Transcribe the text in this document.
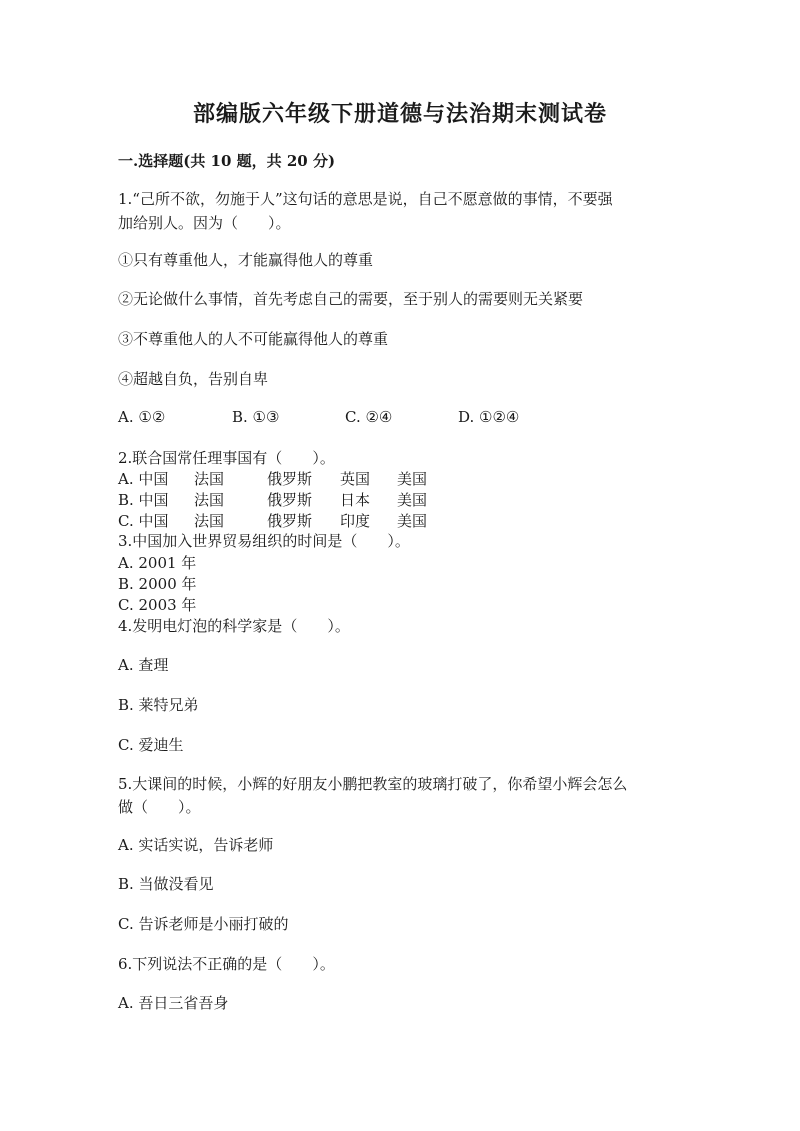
部编版六年级下册道德与法治期末测试卷
一.选择题(共 10 题，共 20 分)
1.“己所不欲，勿施于人”这句话的意思是说，自己不愿意做的事情，不要强
加给别人。因为（　　）。
①只有尊重他人，才能赢得他人的尊重
②无论做什么事情，首先考虑自己的需要，至于别人的需要则无关紧要
③不尊重他人的人不可能赢得他人的尊重
④超越自负，告别自卑
A. ①②	B. ①③	C. ②④	D. ①②④
2.联合国常任理事国有（　　）。
A. 中国 法国	俄罗斯 英国 美国
B. 中国 法国	俄罗斯 日本 美国
C. 中国 法国	俄罗斯 印度 美国
3.中国加入世界贸易组织的时间是（　　）。
A. 2001 年
B. 2000 年
C. 2003 年
4.发明电灯泡的科学家是（　　）。
A. 查理
B. 莱特兄弟
C. 爱迪生
5.大课间的时候，小辉的好朋友小鹏把教室的玻璃打破了，你希望小辉会怎么
做（　　）。
A. 实话实说，告诉老师
B. 当做没看见
C. 告诉老师是小丽打破的
6.下列说法不正确的是（　　）。
A. 吾日三省吾身
